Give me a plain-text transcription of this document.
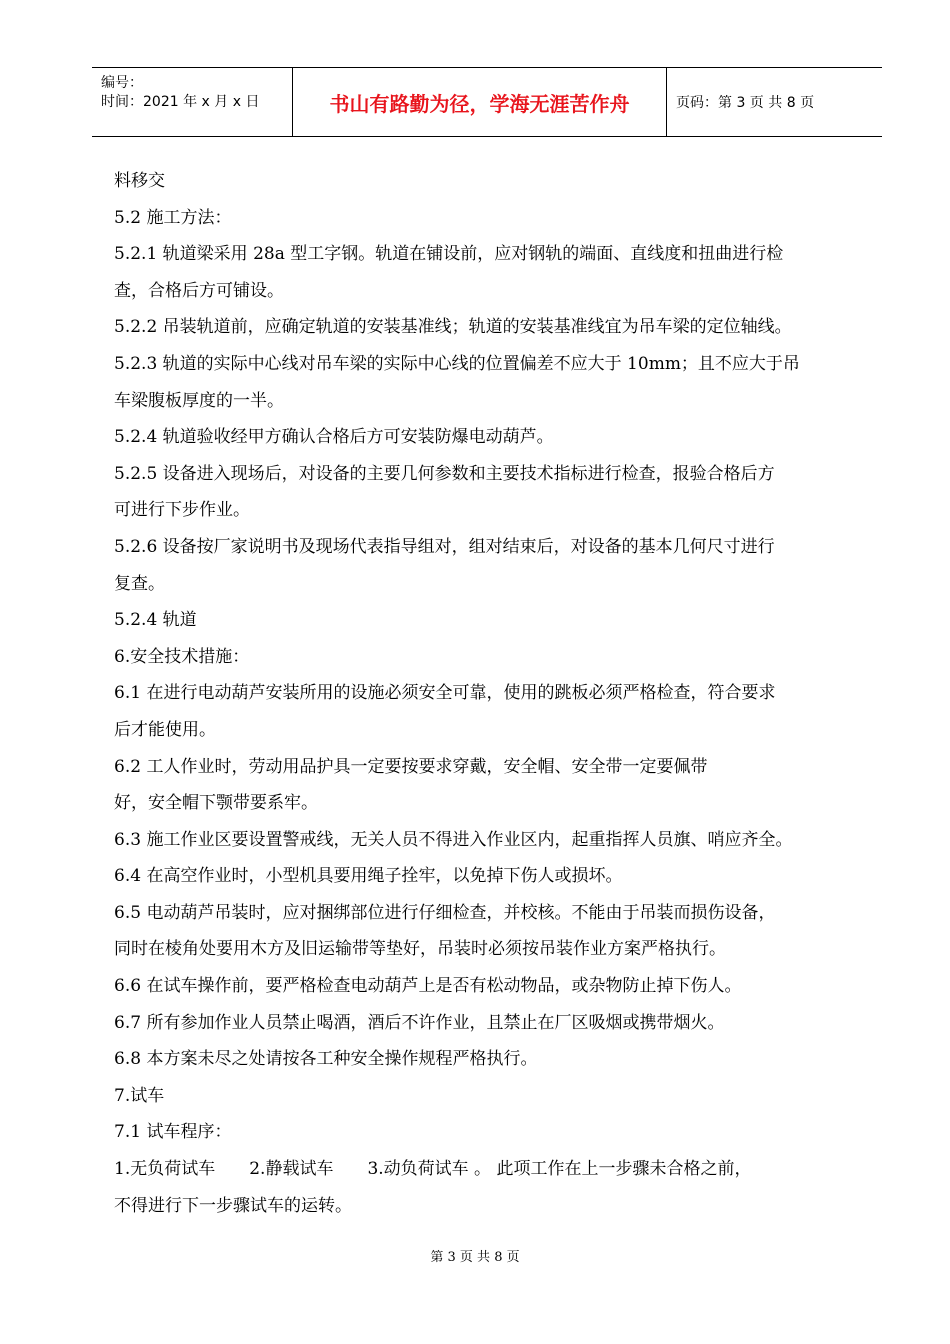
编号：
时间：2021 年 x 月 x 日	书山有路勤为径，学海无涯苦作舟	页码：第 3 页 共 8 页

料移交

5.2 施工方法：

5.2.1 轨道梁采用 28a 型工字钢。轨道在铺设前，应对钢轨的端面、直线度和扭曲进行检

查，合格后方可铺设。

5.2.2 吊装轨道前，应确定轨道的安装基准线；轨道的安装基准线宜为吊车梁的定位轴线。

5.2.3 轨道的实际中心线对吊车梁的实际中心线的位置偏差不应大于 10mm；且不应大于吊

车梁腹板厚度的一半。

5.2.4 轨道验收经甲方确认合格后方可安装防爆电动葫芦。

5.2.5 设备进入现场后，对设备的主要几何参数和主要技术指标进行检查，报验合格后方

可进行下步作业。

5.2.6 设备按厂家说明书及现场代表指导组对，组对结束后，对设备的基本几何尺寸进行

复查。

5.2.4 轨道

6.安全技术措施：

6.1 在进行电动葫芦安装所用的设施必须安全可靠，使用的跳板必须严格检查，符合要求

后才能使用。

6.2 工人作业时，劳动用品护具一定要按要求穿戴，安全帽、安全带一定要佩带

好，安全帽下颚带要系牢。

6.3 施工作业区要设置警戒线，无关人员不得进入作业区内，起重指挥人员旗、哨应齐全。

6.4 在高空作业时，小型机具要用绳子拴牢，以免掉下伤人或损坏。

6.5 电动葫芦吊装时，应对捆绑部位进行仔细检查，并校核。不能由于吊装而损伤设备，

同时在棱角处要用木方及旧运输带等垫好，吊装时必须按吊装作业方案严格执行。

6.6 在试车操作前，要严格检查电动葫芦上是否有松动物品，或杂物防止掉下伤人。

6.7 所有参加作业人员禁止喝酒，酒后不许作业，且禁止在厂区吸烟或携带烟火。

6.8 本方案未尽之处请按各工种安全操作规程严格执行。

7.试车

7.1 试车程序：

1.无负荷试车　　2.静载试车　　3.动负荷试车 。 此项工作在上一步骤未合格之前，

不得进行下一步骤试车的运转。

第 3 页 共 8 页
